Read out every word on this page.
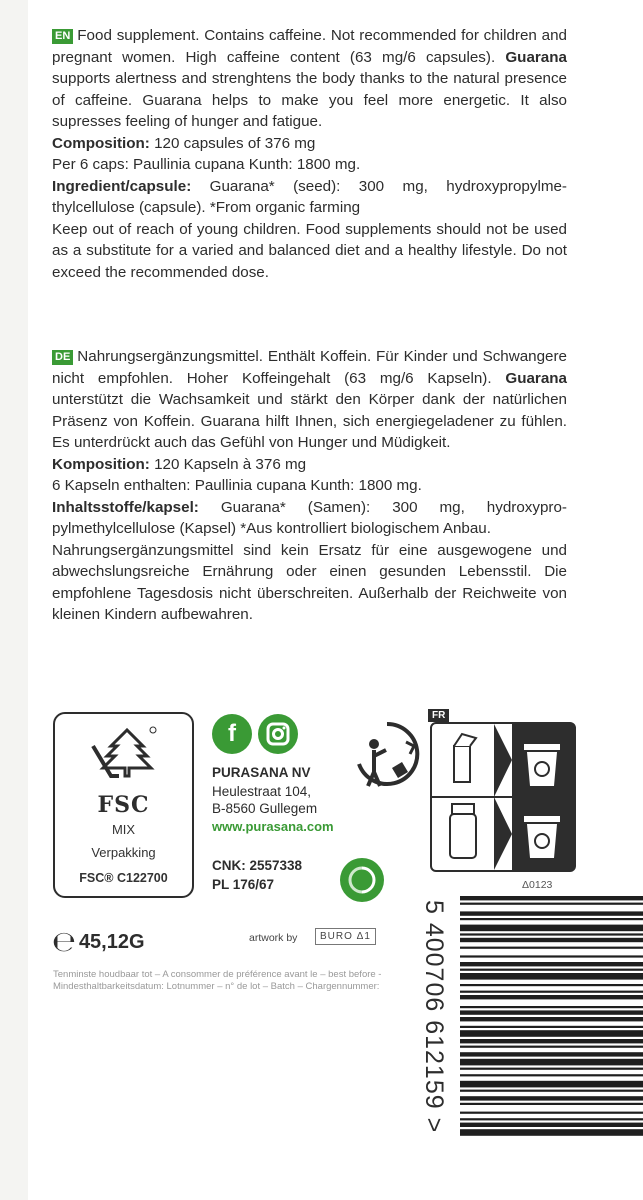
EN Food supplement. Contains caffeine. Not recommended for children and pregnant women. High caffeine content (63 mg/6 capsules). Guarana supports alertness and strenghtens the body thanks to the natural presence of caffeine. Guarana helps to make you feel more energetic. It also supresses feeling of hunger and fatigue.

Composition: 120 capsules of 376 mg

Per 6 caps: Paullinia cupana Kunth: 1800 mg.

Ingredient/capsule: Guarana* (seed): 300 mg, hydroxypropylme-thylcellulose (capsule). *From organic farming

Keep out of reach of young children. Food supplements should not be used as a substitute for a varied and balanced diet and a healthy lifestyle. Do not exceed the recommended dose.

DE Nahrungsergänzungsmittel. Enthält Koffein. Für Kinder und Schwangere nicht empfohlen. Hoher Koffeingehalt (63 mg/6 Kapseln). Guarana unterstützt die Wachsamkeit und stärkt den Körper dank der natürlichen Präsenz von Koffein. Guarana hilft Ihnen, sich energiegeladener zu fühlen. Es unterdrückt auch das Gefühl von Hunger und Müdigkeit.

Komposition: 120 Kapseln à 376 mg

6 Kapseln enthalten: Paullinia cupana Kunth: 1800 mg.

Inhaltsstoffe/kapsel: Guarana* (Samen): 300 mg, hydroxypro-pylmethylcellulose (Kapsel) *Aus kontrolliert biologischem Anbau.

Nahrungsergänzungsmittel sind kein Ersatz für eine ausgewogene und abwechslungsreiche Ernährung oder einen gesunden Lebensstil. Die empfohlene Tagesdosis nicht überschreiten. Außerhalb der Reichweite von kleinen Kindern aufbewahren.

FSC
MIX
Verpakking
FSC® C122700
f
PURASANA NV
Heulestraat 104,
B-8560 Gullegem
www.purasana.com
CNK: 2557338
PL 176/67
FR
Δ0123
℮ 45,12G	artwork by	BURO Δ1
Tenminste houdbaar tot – A consommer de préférence avant le – best before - Mindesthaltbarkeitsdatum: Lotnummer – n° de lot – Batch – Chargennummer:	5 400706 612159 >
